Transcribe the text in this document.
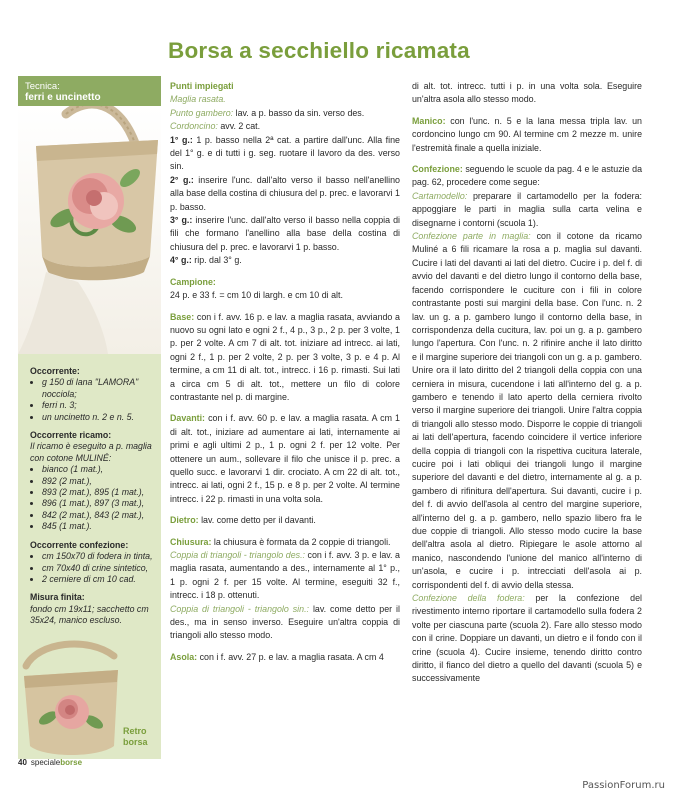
Borsa a secchiello ricamata
Tecnica:
ferri e uncinetto
Occorrente:
• g 150 di lana "LAMORA" nocciola;
• ferri n. 3;
• un uncinetto n. 2 e n. 5.
Occorrente ricamo:
Il ricamo è eseguito a p. maglia con cotone MULINÉ:
• bianco (1 mat.),
• 892 (2 mat.),
• 893 (2 mat.), 895 (1 mat.),
• 896 (1 mat.), 897 (3 mat.),
• 842 (2 mat.), 843 (2 mat.),
• 845 (1 mat.).
Occorrente confezione:
• cm 150x70 di fodera in tinta,
• cm 70x40 di crine sintetico,
• 2 cerniere di cm 10 cad.
Misura finita:
fondo cm 19x11; sacchetto cm 35x24, manico escluso.
Retro
borsa

Punti impiegati

Maglia rasata.

Punto gambero: lav. a p. basso da sin. verso des.

Cordoncino: avv. 2 cat.

1° g.: 1 p. basso nella 2ª cat. a partire dall'unc. Alla fine del 1° g. e di tutti i g. seg. ruotare il lavoro da des. verso sin.

2° g.: inserire l'unc. dall'alto verso il basso nell'anellino alla base della costina di chiusura del p. prec. e lavorarvi 1 p. basso.

3° g.: inserire l'unc. dall'alto verso il basso nella coppia di fili che formano l'anellino alla base della costina di chiusura del p. prec. e lavorarvi 1 p. basso.

4° g.: rip. dal 3° g.

Campione:

24 p. e 33 f. = cm 10 di largh. e cm 10 di alt.

Base: con i f. avv. 16 p. e lav. a maglia rasata, avviando a nuovo su ogni lato e ogni 2 f., 4 p., 3 p., 2 p. per 3 volte, 1 p. per 2 volte. A cm 7 di alt. tot. iniziare ad intrecc. ai lati, ogni 2 f., 1 p. per 2 volte, 2 p. per 3 volte, 3 p. e 4 p. Al termine, a cm 11 di alt. tot., intrecc. i 16 p. rimasti. Sui lati a circa cm 5 di alt. tot., mettere un filo di colore contrastante nel p. di margine.

Davanti: con i f. avv. 60 p. e lav. a maglia rasata. A cm 1 di alt. tot., iniziare ad aumentare ai lati, internamente ai primi e agli ultimi 2 p., 1 p. ogni 2 f. per 12 volte. Per ottenere un aum., sollevare il filo che unisce il p. prec. a quello succ. e lavorarvi 1 dir. crociato. A cm 22 di alt. tot., intrecc. ai lati, ogni 2 f., 15 p. e 8 p. per 2 volte. Al termine intrecc. i 22 p. rimasti in una volta sola.

Dietro: lav. come detto per il davanti.

Chiusura: la chiusura è formata da 2 coppie di triangoli.

Coppia di triangoli - triangolo des.: con i f. avv. 3 p. e lav. a maglia rasata, aumentando a des., internamente al 1° p., 1 p. ogni 2 f. per 15 volte. Al termine, eseguiti 32 f., intrecc. i 18 p. ottenuti.

Coppia di triangoli - triangolo sin.: lav. come detto per il des., ma in senso inverso. Eseguire un'altra coppia di triangoli allo stesso modo.

Asola: con i f. avv. 27 p. e lav. a maglia rasata. A cm 4

di alt. tot. intrecc. tutti i p. in una volta sola. Eseguire un'altra asola allo stesso modo.

Manico: con l'unc. n. 5 e la lana messa tripla lav. un cordoncino lungo cm 90. Al termine cm 2 mezze m. unire l'estremità finale a quella iniziale.

Confezione: seguendo le scuole da pag. 4 e le astuzie da pag. 62, procedere come segue:

Cartamodello: preparare il cartamodello per la fodera: appoggiare le parti in maglia sulla carta velina e disegnarne i contorni (scuola 1).

Confezione parte in maglia: con il cotone da ricamo Muliné a 6 fili ricamare la rosa a p. maglia sul davanti. Cucire i lati del davanti ai lati del dietro. Cucire i p. del f. di avvio del davanti e del dietro lungo il contorno della base, facendo corrispondere le cuciture con i fili in colore contrastante posti sui margini della base. Con l'unc. n. 2 lav. un g. a p. gambero lungo il contorno della base, in corrispondenza della cucitura, lav. poi un g. a p. gambero lungo l'apertura. Con l'unc. n. 2 rifinire anche il lato diritto e il margine superiore dei triangoli con un g. a p. gambero. Unire ora il lato diritto del 2 triangoli della coppia con una cerniera in misura, cucendone i lati all'interno del g. a p. gambero e tenendo il lato aperto della cerniera rivolto verso il margine superiore dei triangoli. Unire l'altra coppia di triangoli allo stesso modo. Disporre le coppie di triangoli ai lati dell'apertura, facendo coincidere il vertice inferiore della coppia di triangoli con la rispettiva cucitura laterale, cucire poi i lati obliqui dei triangoli lungo il margine superiore del davanti e del dietro, internamente al g. a p. gambero di rifinitura dell'apertura. Sui davanti, cucire i p. del f. di avvio dell'asola al centro del margine superiore, all'interno del g. a p. gambero, nello spazio libero fra le due coppie di triangoli. Allo stesso modo cucire la base dell'altra asola al dietro. Ripiegare le asole attorno al manico, nascondendo l'unione del manico all'interno di un'asola, e cucire i p. intrecciati dell'asola ai p. corrispondenti del f. di avvio della stessa.

Confezione della fodera: per la confezione del rivestimento interno riportare il cartamodello sulla fodera 2 volte per ciascuna parte (scuola 2). Fare allo stesso modo con il crine. Doppiare un davanti, un dietro e il fondo con il crine (scuola 4). Cucire insieme, tenendo diritto contro diritto, il fianco del dietro a quello del davanti (scuola 5) e successivamente

40 specialeborse
PassionForum.ru
